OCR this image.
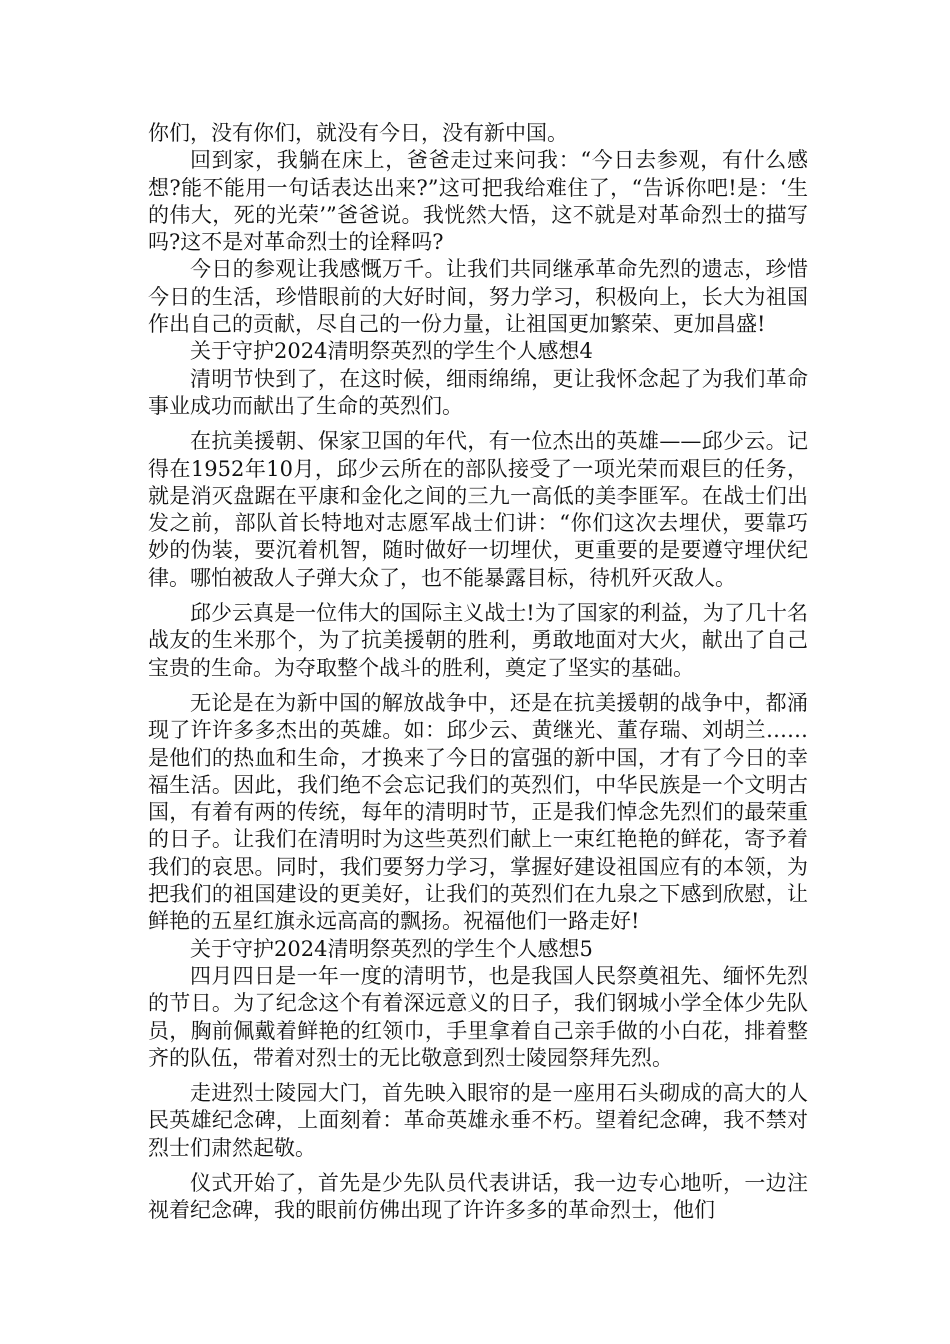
你们，没有你们，就没有今日，没有新中国。

回到家，我躺在床上，爸爸走过来问我：“今日去参观，有什么感想?能不能用一句话表达出来?”这可把我给难住了，“告诉你吧!是：‘生的伟大，死的光荣’”爸爸说。我恍然大悟，这不就是对革命烈士的描写吗?这不是对革命烈士的诠释吗?

今日的参观让我感慨万千。让我们共同继承革命先烈的遗志，珍惜今日的生活，珍惜眼前的大好时间，努力学习，积极向上，长大为祖国作出自己的贡献，尽自己的一份力量，让祖国更加繁荣、更加昌盛!

关于守护2024清明祭英烈的学生个人感想4

清明节快到了，在这时候，细雨绵绵，更让我怀念起了为我们革命事业成功而献出了生命的英烈们。

在抗美援朝、保家卫国的年代，有一位杰出的英雄——邱少云。记得在1952年10月，邱少云所在的部队接受了一项光荣而艰巨的任务，就是消灭盘踞在平康和金化之间的三九一高低的美李匪军。在战士们出发之前，部队首长特地对志愿军战士们讲：“你们这次去埋伏，要靠巧妙的伪装，要沉着机智，随时做好一切埋伏，更重要的是要遵守埋伏纪律。哪怕被敌人子弹大众了，也不能暴露目标，待机歼灭敌人。

邱少云真是一位伟大的国际主义战士!为了国家的利益，为了几十名战友的生米那个，为了抗美援朝的胜利，勇敢地面对大火，献出了自己宝贵的生命。为夺取整个战斗的胜利，奠定了坚实的基础。

无论是在为新中国的解放战争中，还是在抗美援朝的战争中，都涌现了许许多多杰出的英雄。如：邱少云、黄继光、董存瑞、刘胡兰……是他们的热血和生命，才换来了今日的富强的新中国，才有了今日的幸福生活。因此，我们绝不会忘记我们的英烈们，中华民族是一个文明古国，有着有两的传统，每年的清明时节，正是我们悼念先烈们的最荣重的日子。让我们在清明时为这些英烈们献上一束红艳艳的鲜花，寄予着我们的哀思。同时，我们要努力学习，掌握好建设祖国应有的本领，为把我们的祖国建设的更美好，让我们的英烈们在九泉之下感到欣慰，让鲜艳的五星红旗永远高高的飘扬。祝福他们一路走好!

关于守护2024清明祭英烈的学生个人感想5

四月四日是一年一度的清明节，也是我国人民祭奠祖先、缅怀先烈的节日。为了纪念这个有着深远意义的日子，我们钢城小学全体少先队员，胸前佩戴着鲜艳的红领巾，手里拿着自己亲手做的小白花，排着整齐的队伍，带着对烈士的无比敬意到烈士陵园祭拜先烈。

走进烈士陵园大门，首先映入眼帘的是一座用石头砌成的高大的人民英雄纪念碑，上面刻着：革命英雄永垂不朽。望着纪念碑，我不禁对烈士们肃然起敬。

仪式开始了，首先是少先队员代表讲话，我一边专心地听，一边注视着纪念碑，我的眼前仿佛出现了许许多多的革命烈士，他们
